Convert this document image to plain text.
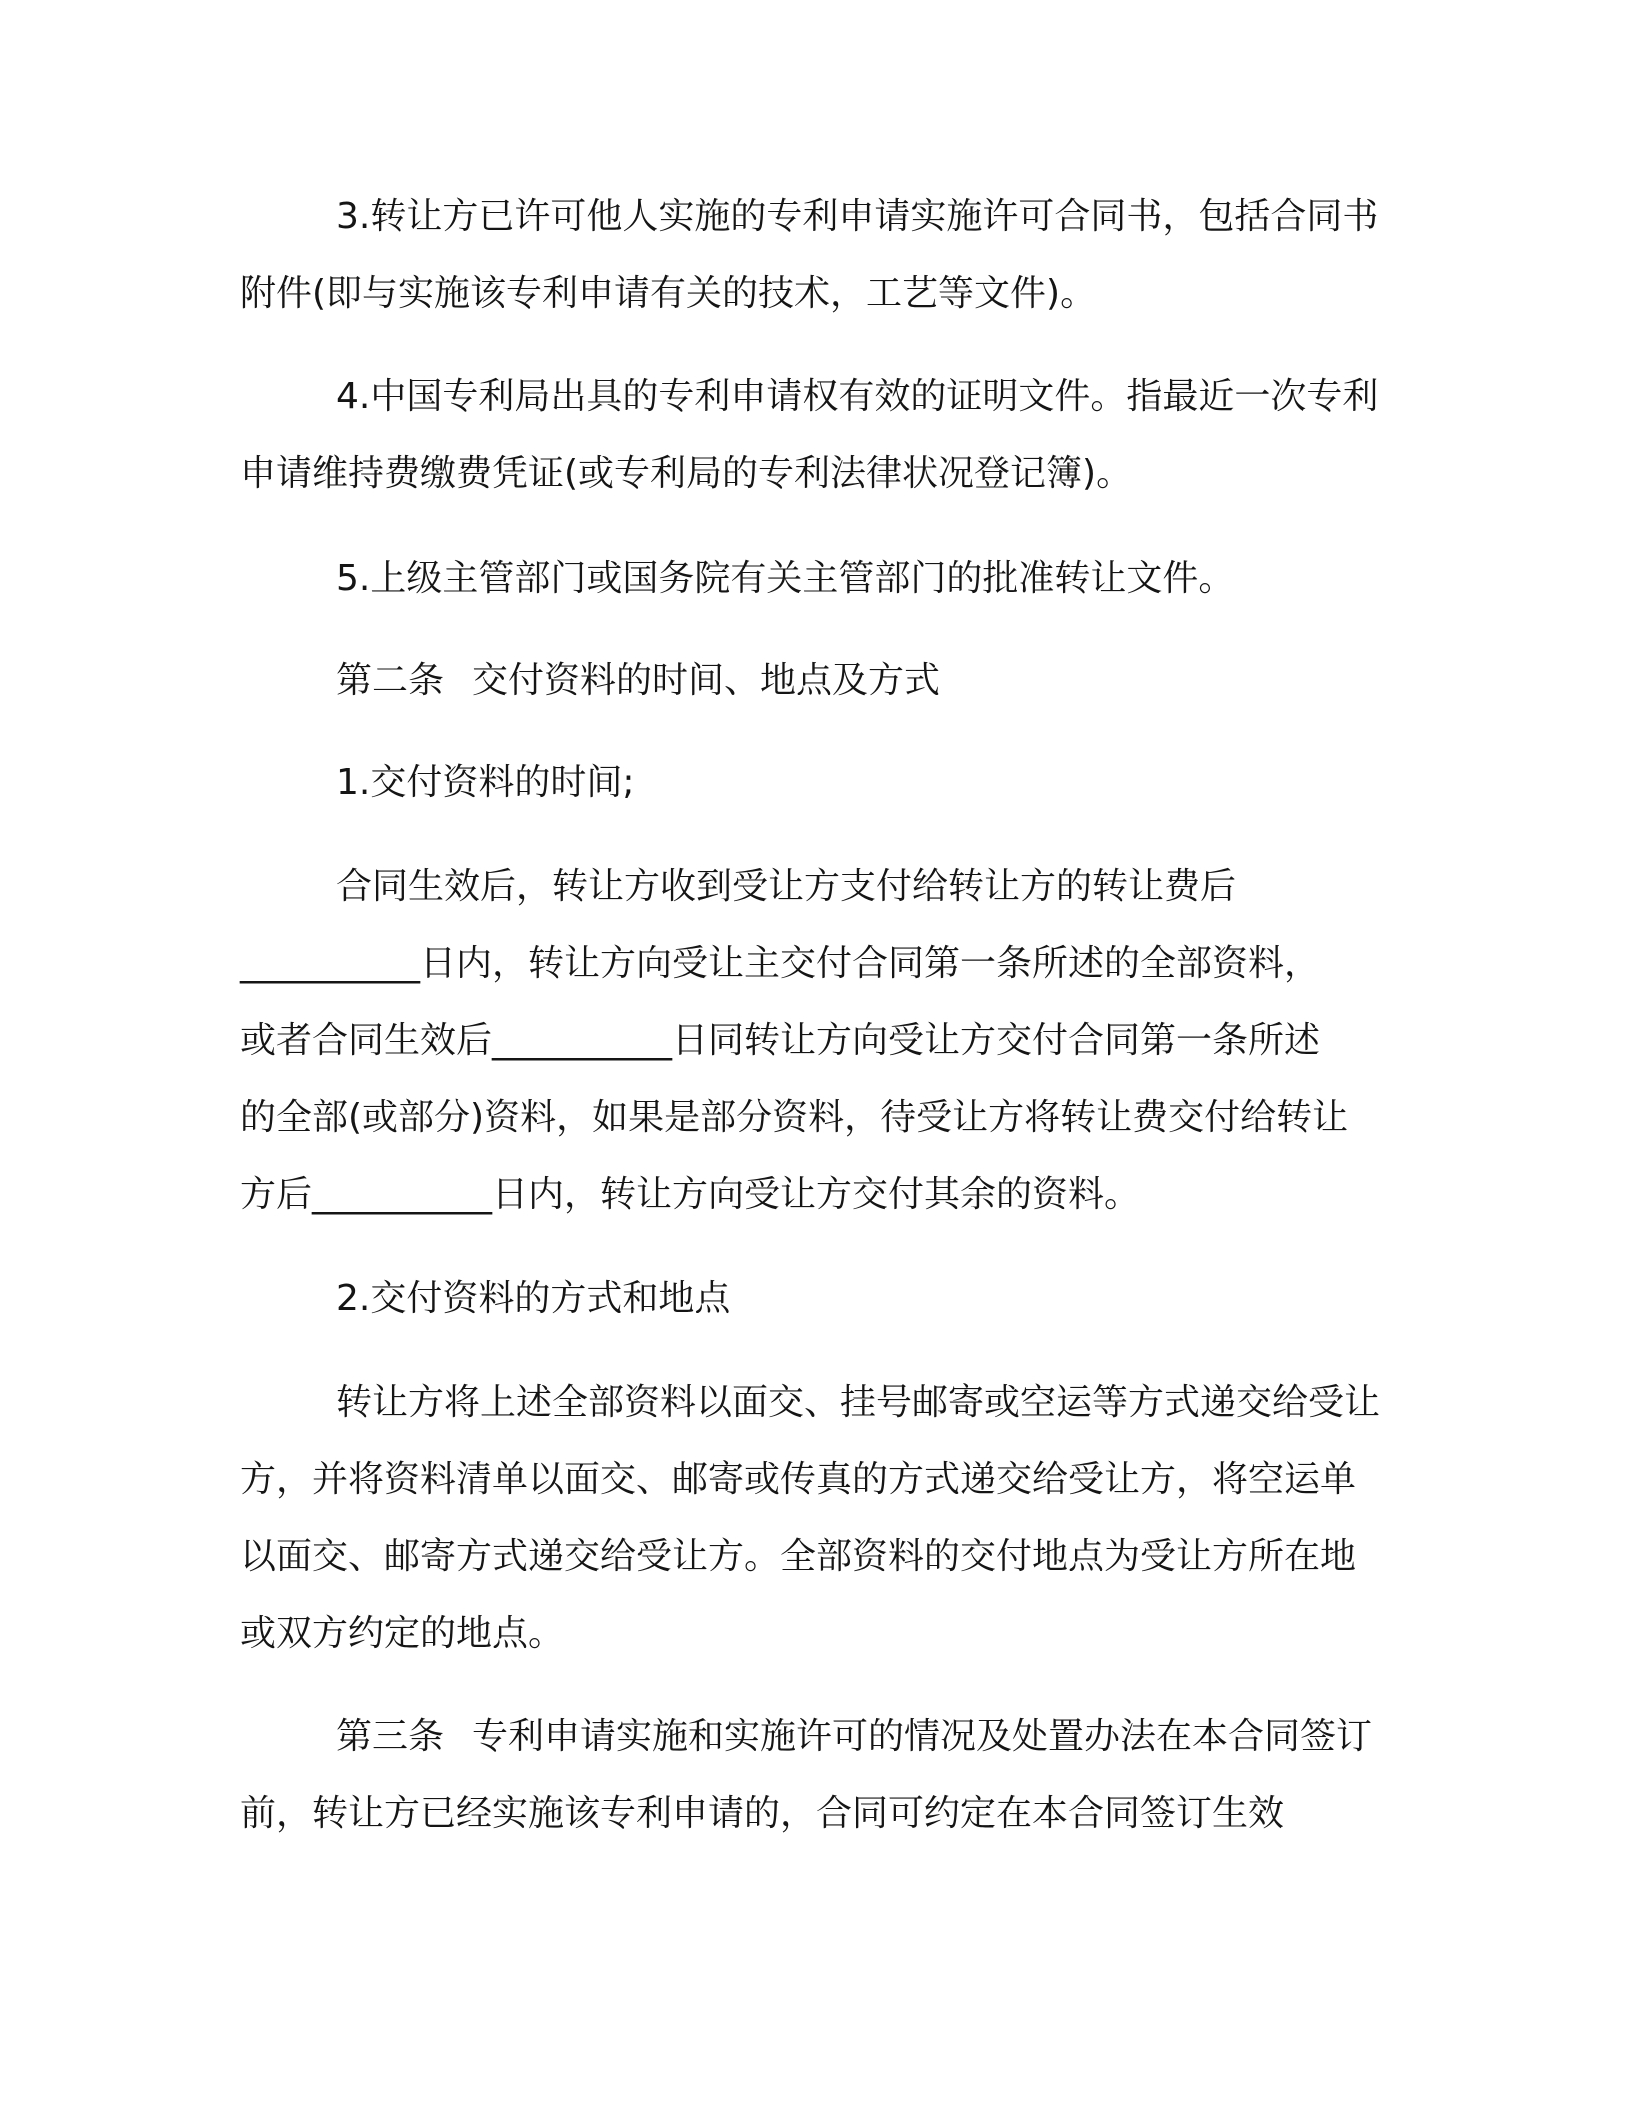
3.转让方已许可他人实施的专利申请实施许可合同书，包括合同书附件(即与实施该专利申请有关的技术，工艺等文件)。

4.中国专利局出具的专利申请权有效的证明文件。指最近一次专利申请维持费缴费凭证(或专利局的专利法律状况登记簿)。

5.上级主管部门或国务院有关主管部门的批准转让文件。

第二条 交付资料的时间、地点及方式

1.交付资料的时间;

合同生效后，转让方收到受让方支付给转让方的转让费后

__________日内，转让方向受让主交付合同第一条所述的全部资料，

或者合同生效后__________日同转让方向受让方交付合同第一条所述

的全部(或部分)资料，如果是部分资料，待受让方将转让费交付给转让

方后__________日内，转让方向受让方交付其余的资料。

2.交付资料的方式和地点

转让方将上述全部资料以面交、挂号邮寄或空运等方式递交给受让方，并将资料清单以面交、邮寄或传真的方式递交给受让方，将空运单以面交、邮寄方式递交给受让方。全部资料的交付地点为受让方所在地或双方约定的地点。

第三条 专利申请实施和实施许可的情况及处置办法在本合同签订前，转让方已经实施该专利申请的，合同可约定在本合同签订生效
